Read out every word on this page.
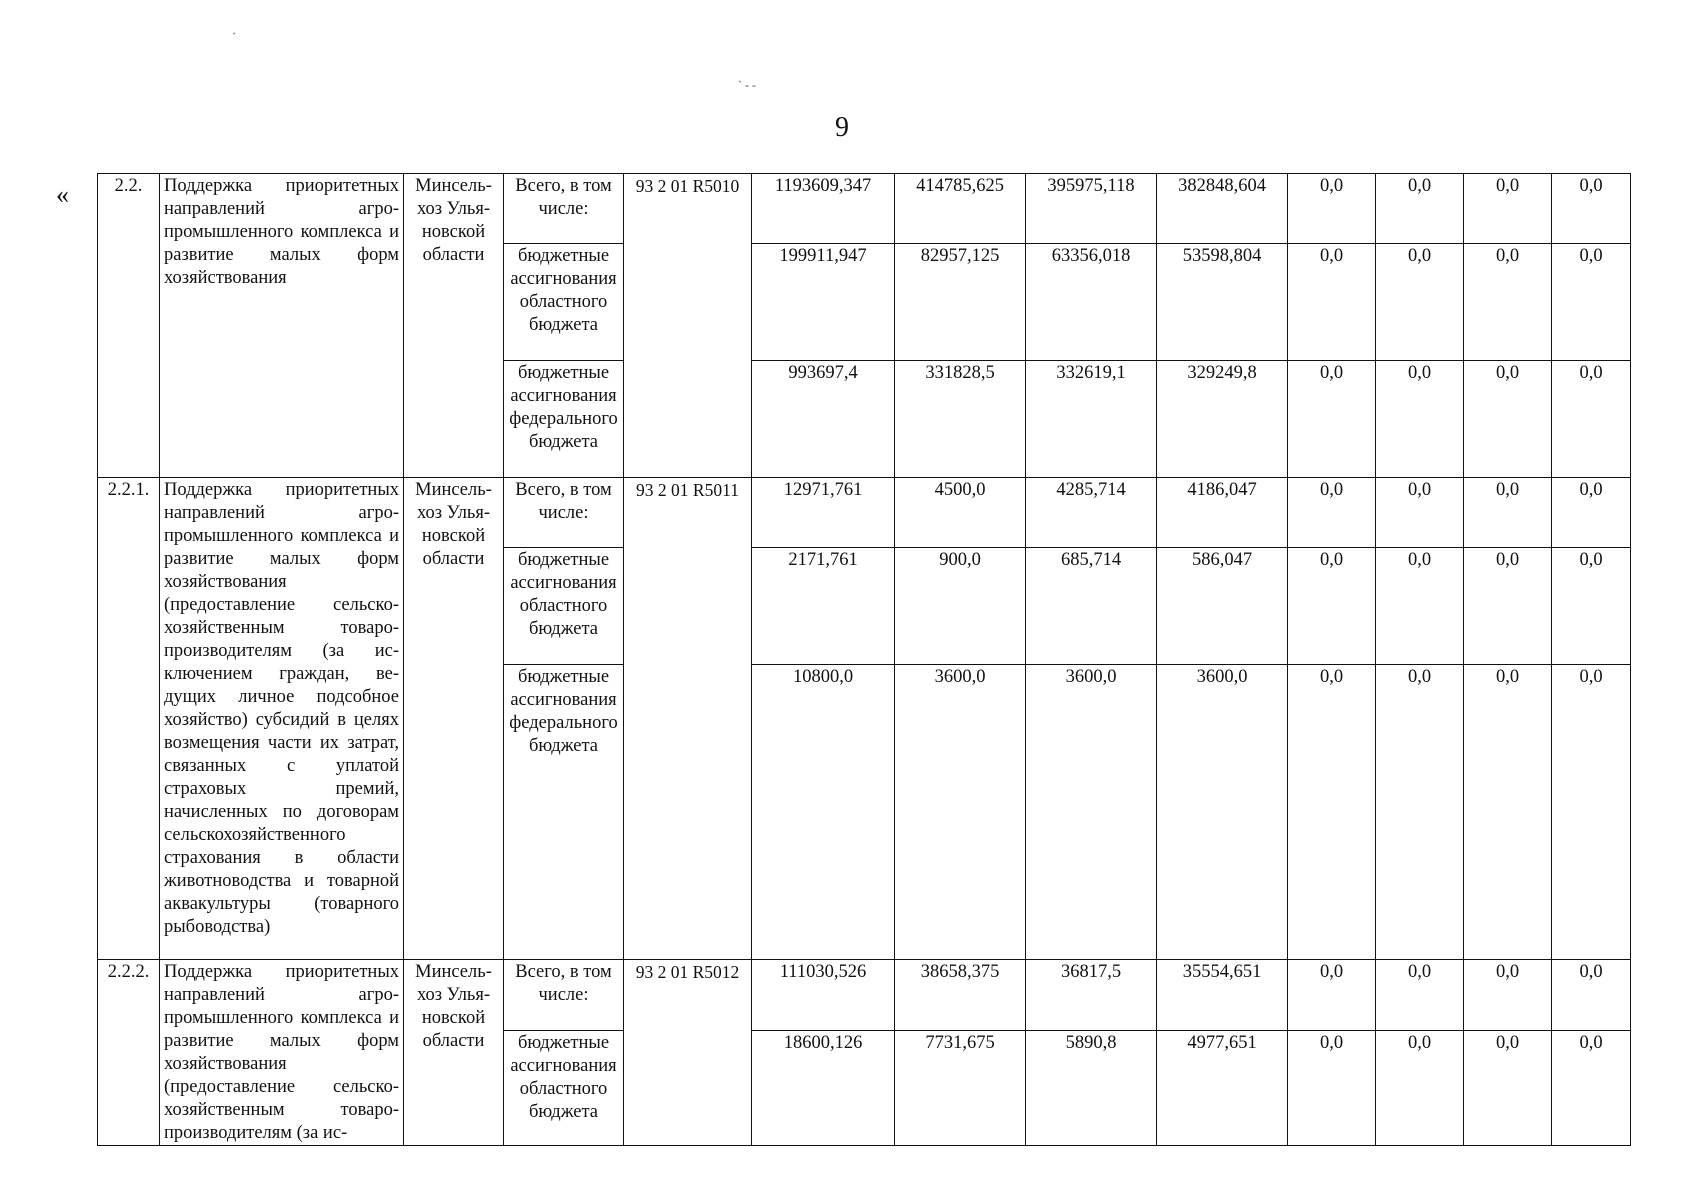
9
«
´
` ‐ ‐
2.2.	Поддержка приоритетных направлений агропромышленного комплекса и развитие малых форм хозяйствования	Минсельхоз Ульяновской области	Всего, в том числе:	93 2 01 R5010	1193609,347	414785,625	395975,118	382848,604	0,0	0,0	0,0	0,0
			бюджетные ассигнования областного бюджета		199911,947	82957,125	63356,018	53598,804	0,0	0,0	0,0	0,0
			бюджетные ассигнования федерального бюджета		993697,4	331828,5	332619,1	329249,8	0,0	0,0	0,0	0,0
2.2.1.	Поддержка приоритетных направлений агропромышленного комплекса и развитие малых форм хозяйствования (предоставление сельскохозяйственным товаропроизводителям (за исключением граждан, ведущих личное подсобное хозяйство) субсидий в целях возмещения части их затрат, связанных с уплатой страховых премий, начисленных по договорам сельскохозяйственного страхования в области животноводства и товарной аквакультуры (товарного рыбоводства)	Минсельхоз Ульяновской области	Всего, в том числе:	93 2 01 R5011	12971,761	4500,0	4285,714	4186,047	0,0	0,0	0,0	0,0
			бюджетные ассигнования областного бюджета		2171,761	900,0	685,714	586,047	0,0	0,0	0,0	0,0
			бюджетные ассигнования федерального бюджета		10800,0	3600,0	3600,0	3600,0	0,0	0,0	0,0	0,0
2.2.2.	Поддержка приоритетных направлений агропромышленного комплекса и развитие малых форм хозяйствования (предоставление сельскохозяйственным товаропроизводителям (за ис-	Минсельхоз Ульяновской области	Всего, в том числе:	93 2 01 R5012	111030,526	38658,375	36817,5	35554,651	0,0	0,0	0,0	0,0
			бюджетные ассигнования областного бюджета		18600,126	7731,675	5890,8	4977,651	0,0	0,0	0,0	0,0
